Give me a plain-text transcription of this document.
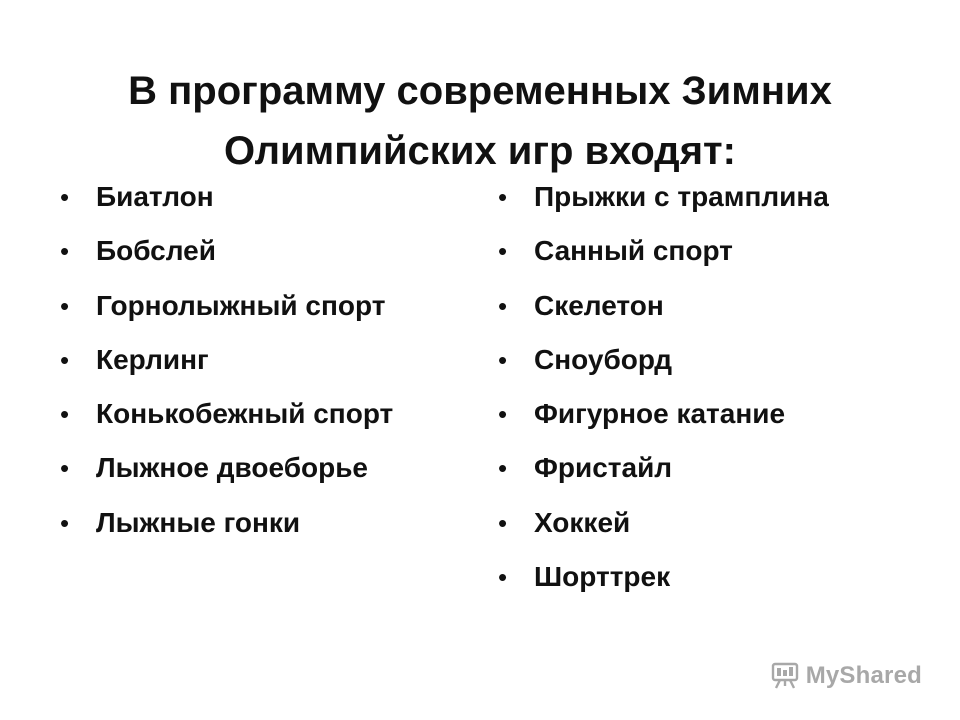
В программу современных Зимних
Олимпийских игр входят:
• Биатлон
• Бобслей
• Горнолыжный спорт
• Керлинг
• Конькобежный спорт
• Лыжное двоеборье
• Лыжные гонки
• Прыжки с трамплина
• Санный спорт
• Скелетон
• Сноуборд
• Фигурное катание
• Фристайл
• Хоккей
• Шорттрек
MyShared
